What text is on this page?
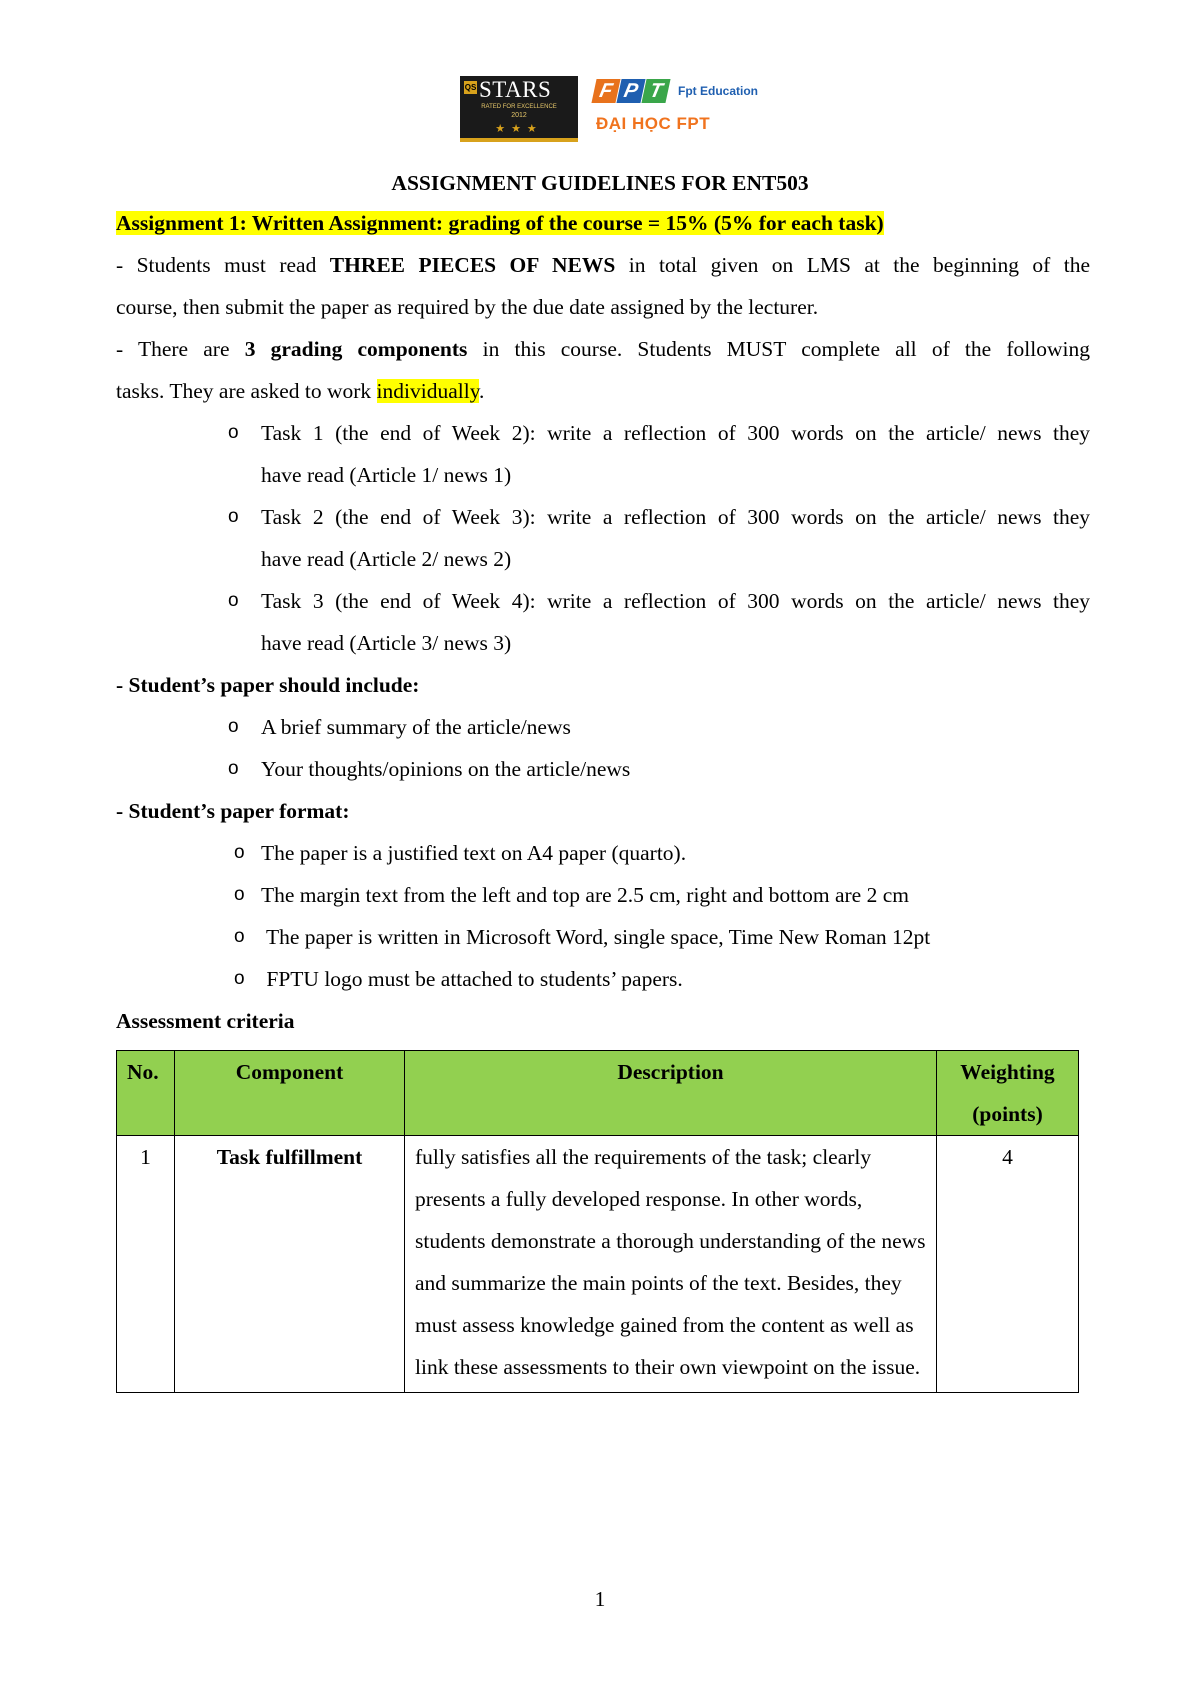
QS STARS
RATED FOR EXCELLENCE
2012
★★★
F P T	Fpt Education
ĐẠI HỌC FPT
ASSIGNMENT GUIDELINES FOR ENT503
Assignment 1: Written Assignment: grading of the course = 15% (5% for each task)
- Students must read THREE PIECES OF NEWS in total given on LMS at the beginning of the
course, then submit the paper as required by the due date assigned by the lecturer.
- There are 3 grading components in this course. Students MUST complete all of the following
tasks. They are asked to work individually.
o Task 1 (the end of Week 2): write a reflection of 300 words on the article/ news they
have read (Article 1/ news 1)
o Task 2 (the end of Week 3): write a reflection of 300 words on the article/ news they
have read (Article 2/ news 2)
o Task 3 (the end of Week 4): write a reflection of 300 words on the article/ news they
have read (Article 3/ news 3)
- Student’s paper should include:
o A brief summary of the article/news
o Your thoughts/opinions on the article/news
- Student’s paper format:
o The paper is a justified text on A4 paper (quarto).
o The margin text from the left and top are 2.5 cm, right and bottom are 2 cm
o The paper is written in Microsoft Word, single space, Time New Roman 12pt
o FPTU logo must be attached to students’ papers.
Assessment criteria
No.	Component	Description	Weighting (points)
1	Task fulfillment	fully satisfies all the requirements of the task; clearly presents a fully developed response. In other words, students demonstrate a thorough understanding of the news and summarize the main points of the text. Besides, they must assess knowledge gained from the content as well as link these assessments to their own viewpoint on the issue.	4
1
